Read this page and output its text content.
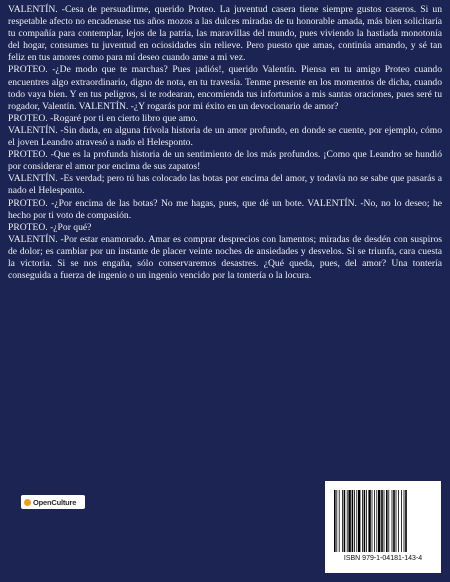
VALENTÍN. -Cesa de persuadirme, querido Proteo. La juventud casera tiene siempre gustos caseros. Si un respetable afecto no encadenase tus años mozos a las dulces miradas de tu honorable amada, más bien solicitaría tu compañía para contemplar, lejos de la patria, las maravillas del mundo, pues viviendo la hastiada monotonía del hogar, consumes tu juventud en ociosidades sin relieve. Pero puesto que amas, continúa amando, y sé tan feliz en tus amores como para mí deseo cuando ame a mi vez.

PROTEO. -¿De modo que te marchas? Pues ¡adiós!, querido Valentín. Piensa en tu amigo Proteo cuando encuentres algo extraordinario, digno de nota, en tu travesía. Tenme presente en los momentos de dicha, cuando todo vaya bien. Y en tus peligros, si te rodearan, encomienda tus infortunios a mis santas oraciones, pues seré tu rogador, Valentín. VALENTÍN. -¿Y rogarás por mi éxito en un devocionario de amor?

PROTEO. -Rogaré por ti en cierto libro que amo.

VALENTÍN. -Sin duda, en alguna frívola historia de un amor profundo, en donde se cuente, por ejemplo, cómo el joven Leandro atravesó a nado el Helesponto.

PROTEO. -Que es la profunda historia de un sentimiento de los más profundos. ¡Como que Leandro se hundió por considerar el amor por encima de sus zapatos!

VALENTÍN. -Es verdad; pero tú has colocado las botas por encima del amor, y todavía no se sabe que pasarás a nado el Helesponto.

PROTEO. -¿Por encima de las botas? No me hagas, pues, que dé un bote. VALENTÍN. -No, no lo deseo; he hecho por ti voto de compasión.

PROTEO. -¿Por qué?

VALENTÍN. -Por estar enamorado. Amar es comprar desprecios con lamentos; miradas de desdén con suspiros de dolor; es cambiar por un instante de placer veinte noches de ansiedades y desvelos. Si se triunfa, cara cuesta la victoria. Si se nos engaña, sólo conservaremos desastres. ¿Qué queda, pues, del amor? Una tontería conseguida a fuerza de ingenio o un ingenio vencido por la tontería o la locura.

OpenCulture
ISBN 979-1-04181-143-4
